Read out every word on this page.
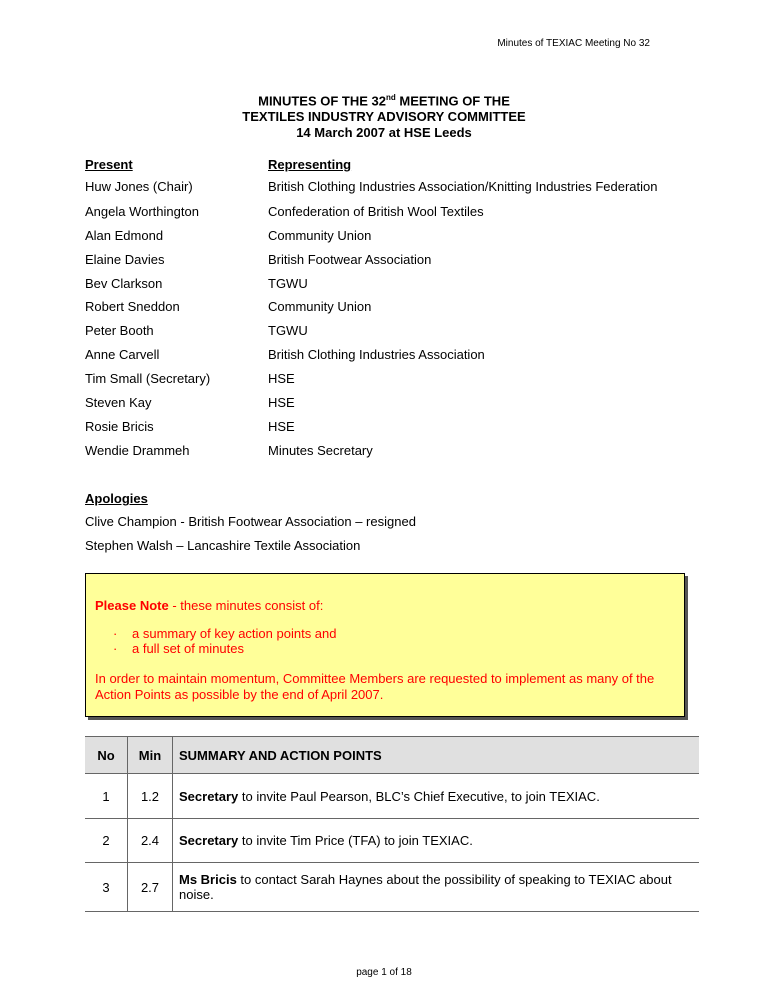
Minutes of TEXIAC Meeting No 32
MINUTES OF THE 32nd MEETING OF THE
TEXTILES INDUSTRY ADVISORY COMMITTEE
14 March 2007 at HSE Leeds
Present	Representing
Huw Jones (Chair)	British Clothing Industries Association/Knitting Industries Federation
Angela Worthington	Confederation of British Wool Textiles
Alan Edmond	Community Union
Elaine Davies	British Footwear Association
Bev Clarkson	TGWU
Robert Sneddon	Community Union
Peter Booth	TGWU
Anne Carvell	British Clothing Industries Association
Tim Small (Secretary)	HSE
Steven Kay	HSE
Rosie Bricis	HSE
Wendie Drammeh	Minutes Secretary
Apologies
Clive Champion - British Footwear Association – resigned
Stephen Walsh – Lancashire Textile Association
Please Note - these minutes consist of:
· a summary of key action points and
· a full set of minutes
In order to maintain momentum, Committee Members are requested to implement as many of the
Action Points as possible by the end of April 2007.
No	Min	SUMMARY AND ACTION POINTS
1	1.2	Secretary to invite Paul Pearson, BLC’s Chief Executive, to join TEXIAC.
2	2.4	Secretary to invite Tim Price (TFA) to join TEXIAC.
3	2.7	Ms Bricis to contact Sarah Haynes about the possibility of speaking to TEXIAC about noise.
page 1 of 18
